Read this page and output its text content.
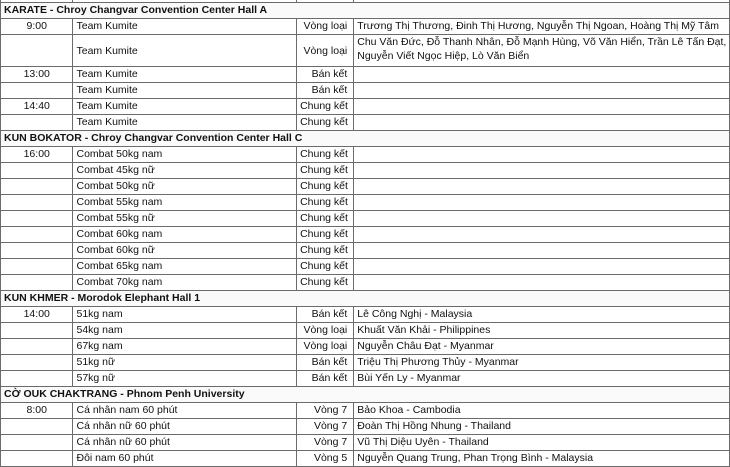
KARATE - Chroy Changvar Convention Center Hall A			
9:00	Team Kumite	Vòng loại	Trương Thị Thương, Đinh Thị Hương, Nguyễn Thị Ngoan, Hoàng Thị Mỹ Tâm
	Team Kumite	Vòng loại	Chu Văn Đức, Đỗ Thanh Nhân, Đỗ Mạnh Hùng, Võ Văn Hiển, Trần Lê Tấn Đạt,
Nguyễn Viết Ngọc Hiệp, Lò Văn Biển

13:00	Team Kumite	Bán kết	
	Team Kumite	Bán kết	
14:40	Team Kumite	Chung kết	
	Team Kumite	Chung kết	
KUN BOKATOR - Chroy Changvar Convention Center Hall C			
16:00	Combat 50kg nam	Chung kết	
	Combat 45kg nữ	Chung kết	
	Combat 50kg nữ	Chung kết	
	Combat 55kg nam	Chung kết	
	Combat 55kg nữ	Chung kết	
	Combat 60kg nam	Chung kết	
	Combat 60kg nữ	Chung kết	
	Combat 65kg nam	Chung kết	
	Combat 70kg nam	Chung kết	
KUN KHMER - Morodok Elephant Hall 1			
14:00	51kg nam	Bán kết	Lê Công Nghị - Malaysia
	54kg nam	Vòng loại	Khuất Văn Khải - Philippines
	67kg nam	Vòng loại	Nguyễn Châu Đạt - Myanmar
	51kg nữ	Bán kết	Triệu Thị Phương Thủy - Myanmar
	57kg nữ	Bán kết	Bùi Yến Ly - Myanmar
CỜ OUK CHAKTRANG - Phnom Penh University			
8:00	Cá nhân nam 60 phút	Vòng 7	Bảo Khoa - Cambodia
	Cá nhân nữ 60 phút	Vòng 7	Đoàn Thị Hồng Nhung - Thailand
	Cá nhân nữ 60 phút	Vòng 7	Vũ Thị Diệu Uyên - Thailand
	Đôi nam 60 phút	Vòng 5	Nguyễn Quang Trung, Phan Trọng Bình - Malaysia
